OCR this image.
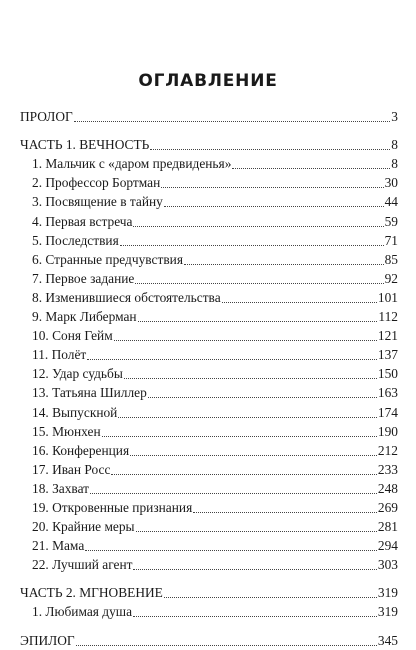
ОГЛАВЛЕНИЕ
ПРОЛОГ	3
ЧАСТЬ 1. ВЕЧНОСТЬ	8
1. Мальчик с «даром предвиденья»	8
2. Профессор Бортман	30
3. Посвящение в тайну	44
4. Первая встреча	59
5. Последствия	71
6. Странные предчувствия	85
7. Первое задание	92
8. Изменившиеся обстоятельства	101
9. Марк Либерман	112
10. Соня Гейм	121
11. Полёт	137
12. Удар судьбы	150
13. Татьяна Шиллер	163
14. Выпускной	174
15. Мюнхен	190
16. Конференция	212
17. Иван Росс	233
18. Захват	248
19. Откровенные признания	269
20. Крайние меры	281
21. Мама	294
22. Лучший агент	303
ЧАСТЬ 2. МГНОВЕНИЕ	319
1. Любимая душа	319
ЭПИЛОГ	345
